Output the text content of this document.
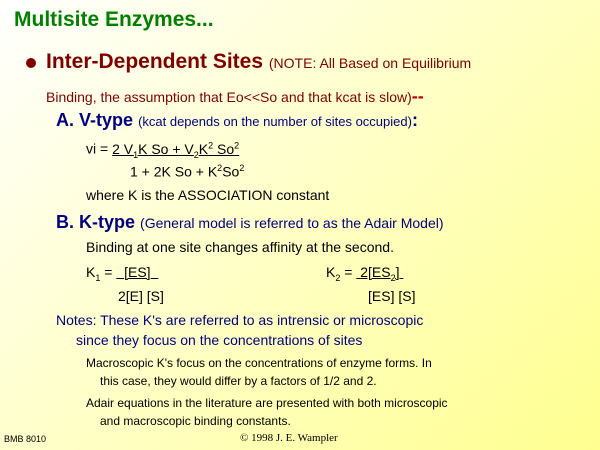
Multisite Enzymes...
Inter-Dependent Sites (NOTE: All Based on Equilibrium
Binding, the assumption that Eo<<So and that kcat is slow)--
A. V-type (kcat depends on the number of sites occupied):
vi = 2 $V_1K$ $So + V_2K^2$ So$^2$
1 + 2K $So + K^2So^2$
where K is the ASSOCIATION constant
B. K-type (General model is referred to as the Adair Model)
Binding at one site changes affinity at the second.
$K_1 = [ES]$	$K_2 = 2[ES_2]$
2[E] [S]	[ES] [S]
Notes: These K's are referred to as intrensic or microscopic
since they focus on the concentrations of sites
Macroscopic K's focus on the concentrations of enzyme forms. In
this case, they would differ by a factors of 1/2 and 2.
Adair equations in the literature are presented with both microscopic
and macroscopic binding constants.
BMB 8010	© 1998 J. E. Wampler
